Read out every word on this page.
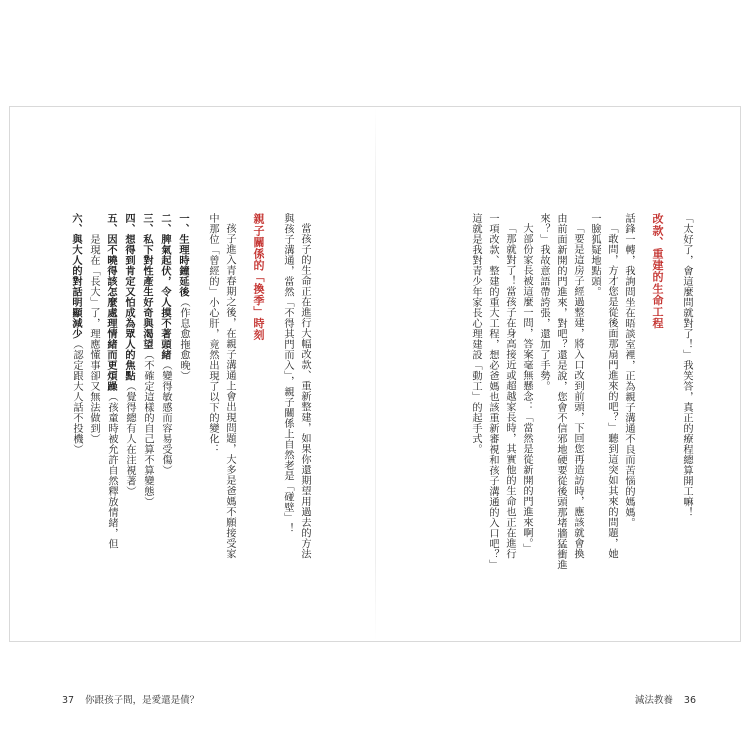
當孩子的生命正在進行大幅改款、重新整建，如果你還期望用過去的方法
與孩子溝通，當然「不得其門而入」，親子關係上自然老是「碰壁」！
親子關係的「換季」時刻
孩子進入青春期之後，在親子溝通上會出現問題，大多是爸媽不願接受家
中那位「曾經的」小心肝，竟然出現了以下的變化：
一、生理時鐘延後（作息愈拖愈晚）
二、脾氣起伏，令人摸不著頭緒（變得敏感而容易受傷）
三、私下對性產生好奇與渴望（不確定這樣的自己算不算變態）
四、想得到肯定又怕成為眾人的焦點（覺得總有人在注視著）
五、因不曉得該怎麼處理情緒而更煩躁（孩童時被允許自然釋放情緒，但
　　是現在「長大」了，理應懂事卻又無法做到）
六、與大人的對話明顯減少（認定跟大人話不投機）
37 你跟孩子間，是愛還是債？
「太好了，會這麼問就對了！」我笑答，真正的療程總算開工嘛！
改款、重建的生命工程
話鋒一轉，我詢問坐在晤談室裡，正為親子溝通不良而苦惱的媽媽。
「敢問，方才您是從後面那扇門進來的吧？」聽到這突如其來的問題，她
一臉狐疑地點頭。
「要是這房子經過整建，將入口改到前頭，下回您再造訪時，應該就會換
由前面新開的門進來，對吧？還是說，您會不信邪地硬要從後頭那堵牆猛衝進
來？」我故意語帶誇張，還加了手勢。
大部份家長被這麼一問，答案毫無懸念：「當然是從新開的門進來啊。」
「那就對了！當孩子在身高接近或超越家長時，其實他的生命也正在進行
一項改款、整建的重大工程，想必爸媽也該重新審視和孩子溝通的入口吧？」
這就是我對青少年家長心理建設「動工」的起手式。
減法教養 36
